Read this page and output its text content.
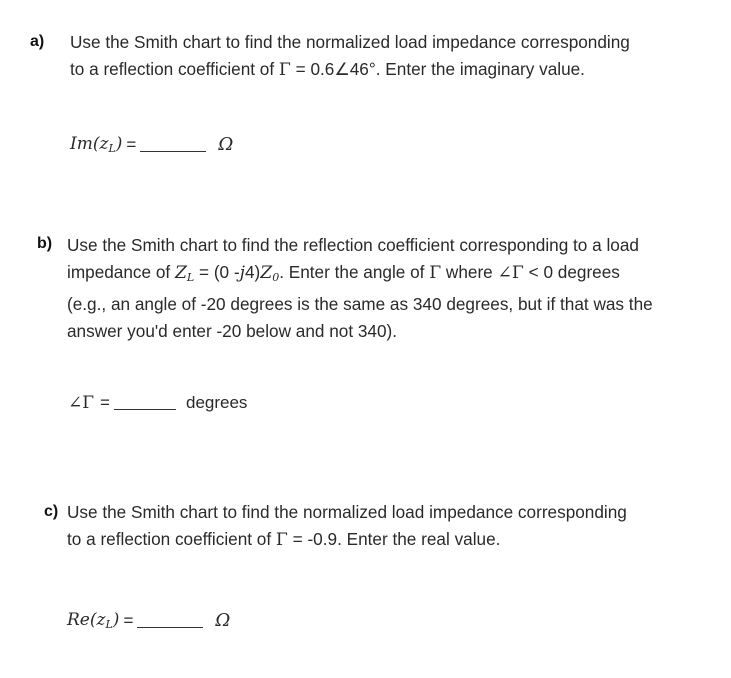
a) Use the Smith chart to find the normalized load impedance corresponding
to a reflection coefficient of Γ = 0.6∠46°. Enter the imaginary value.
$Im(z_L)$ =	Ω
b) Use the Smith chart to find the reflection coefficient corresponding to a load
impedance of $Z_L = (0$ $-j4)Z_0$. Enter the angle of Γ where ∠Γ < 0 degrees
(e.g., an angle of -20 degrees is the same as 340 degrees, but if that was the
answer you'd enter -20 below and not 340).
∠Γ =	degrees
c) Use the Smith chart to find the normalized load impedance corresponding
to a reflection coefficient of Γ = -0.9. Enter the real value.
$Re(z_L)$ =	Ω
